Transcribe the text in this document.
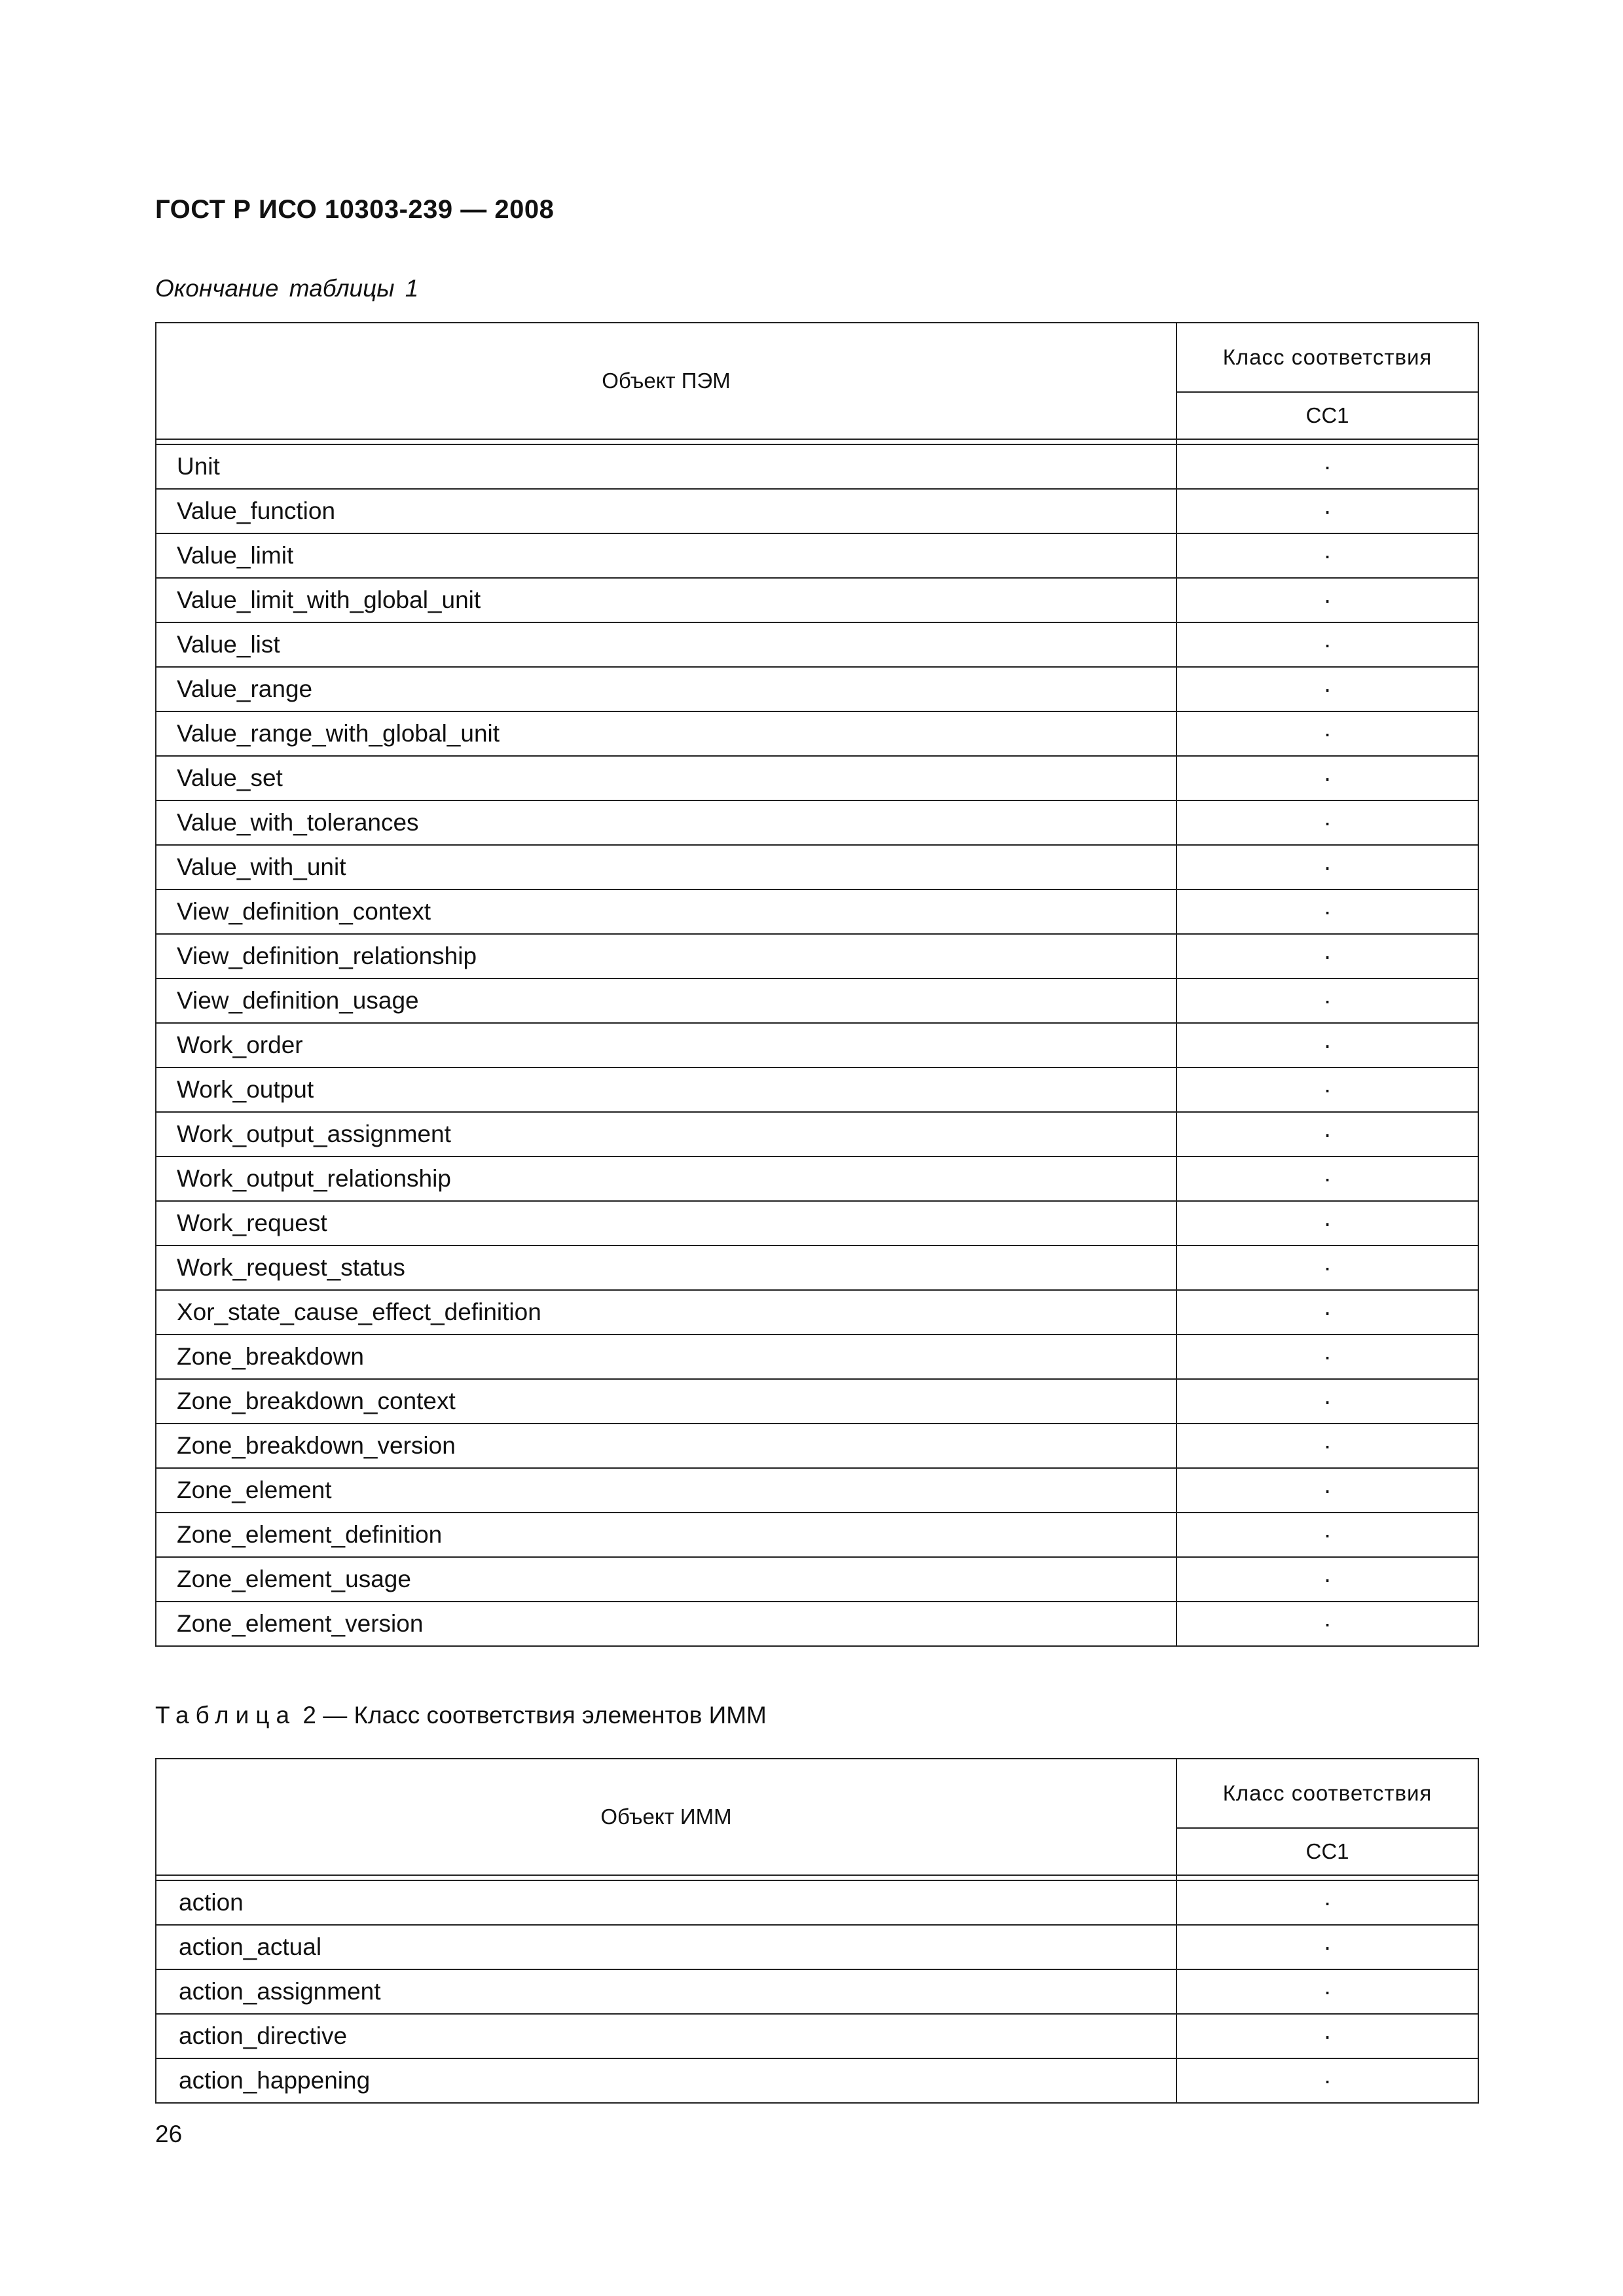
ГОСТ Р ИСО 10303-239 — 2008
Окончание таблицы 1
Объект ПЭМ	Класс соответствия
	CC1

Unit	·
Value_function	·
Value_limit	·
Value_limit_with_global_unit	·
Value_list	·
Value_range	·
Value_range_with_global_unit	·
Value_set	·
Value_with_tolerances	·
Value_with_unit	·
View_definition_context	·
View_definition_relationship	·
View_definition_usage	·
Work_order	·
Work_output	·
Work_output_assignment	·
Work_output_relationship	·
Work_request	·
Work_request_status	·
Xor_state_cause_effect_definition	·
Zone_breakdown	·
Zone_breakdown_context	·
Zone_breakdown_version	·
Zone_element	·
Zone_element_definition	·
Zone_element_usage	·
Zone_element_version	·
Таблица 2 — Класс соответствия элементов ИММ
Объект ИММ	Класс соответствия
	CC1

action	·
action_actual	·
action_assignment	·
action_directive	·
action_happening	·
26
